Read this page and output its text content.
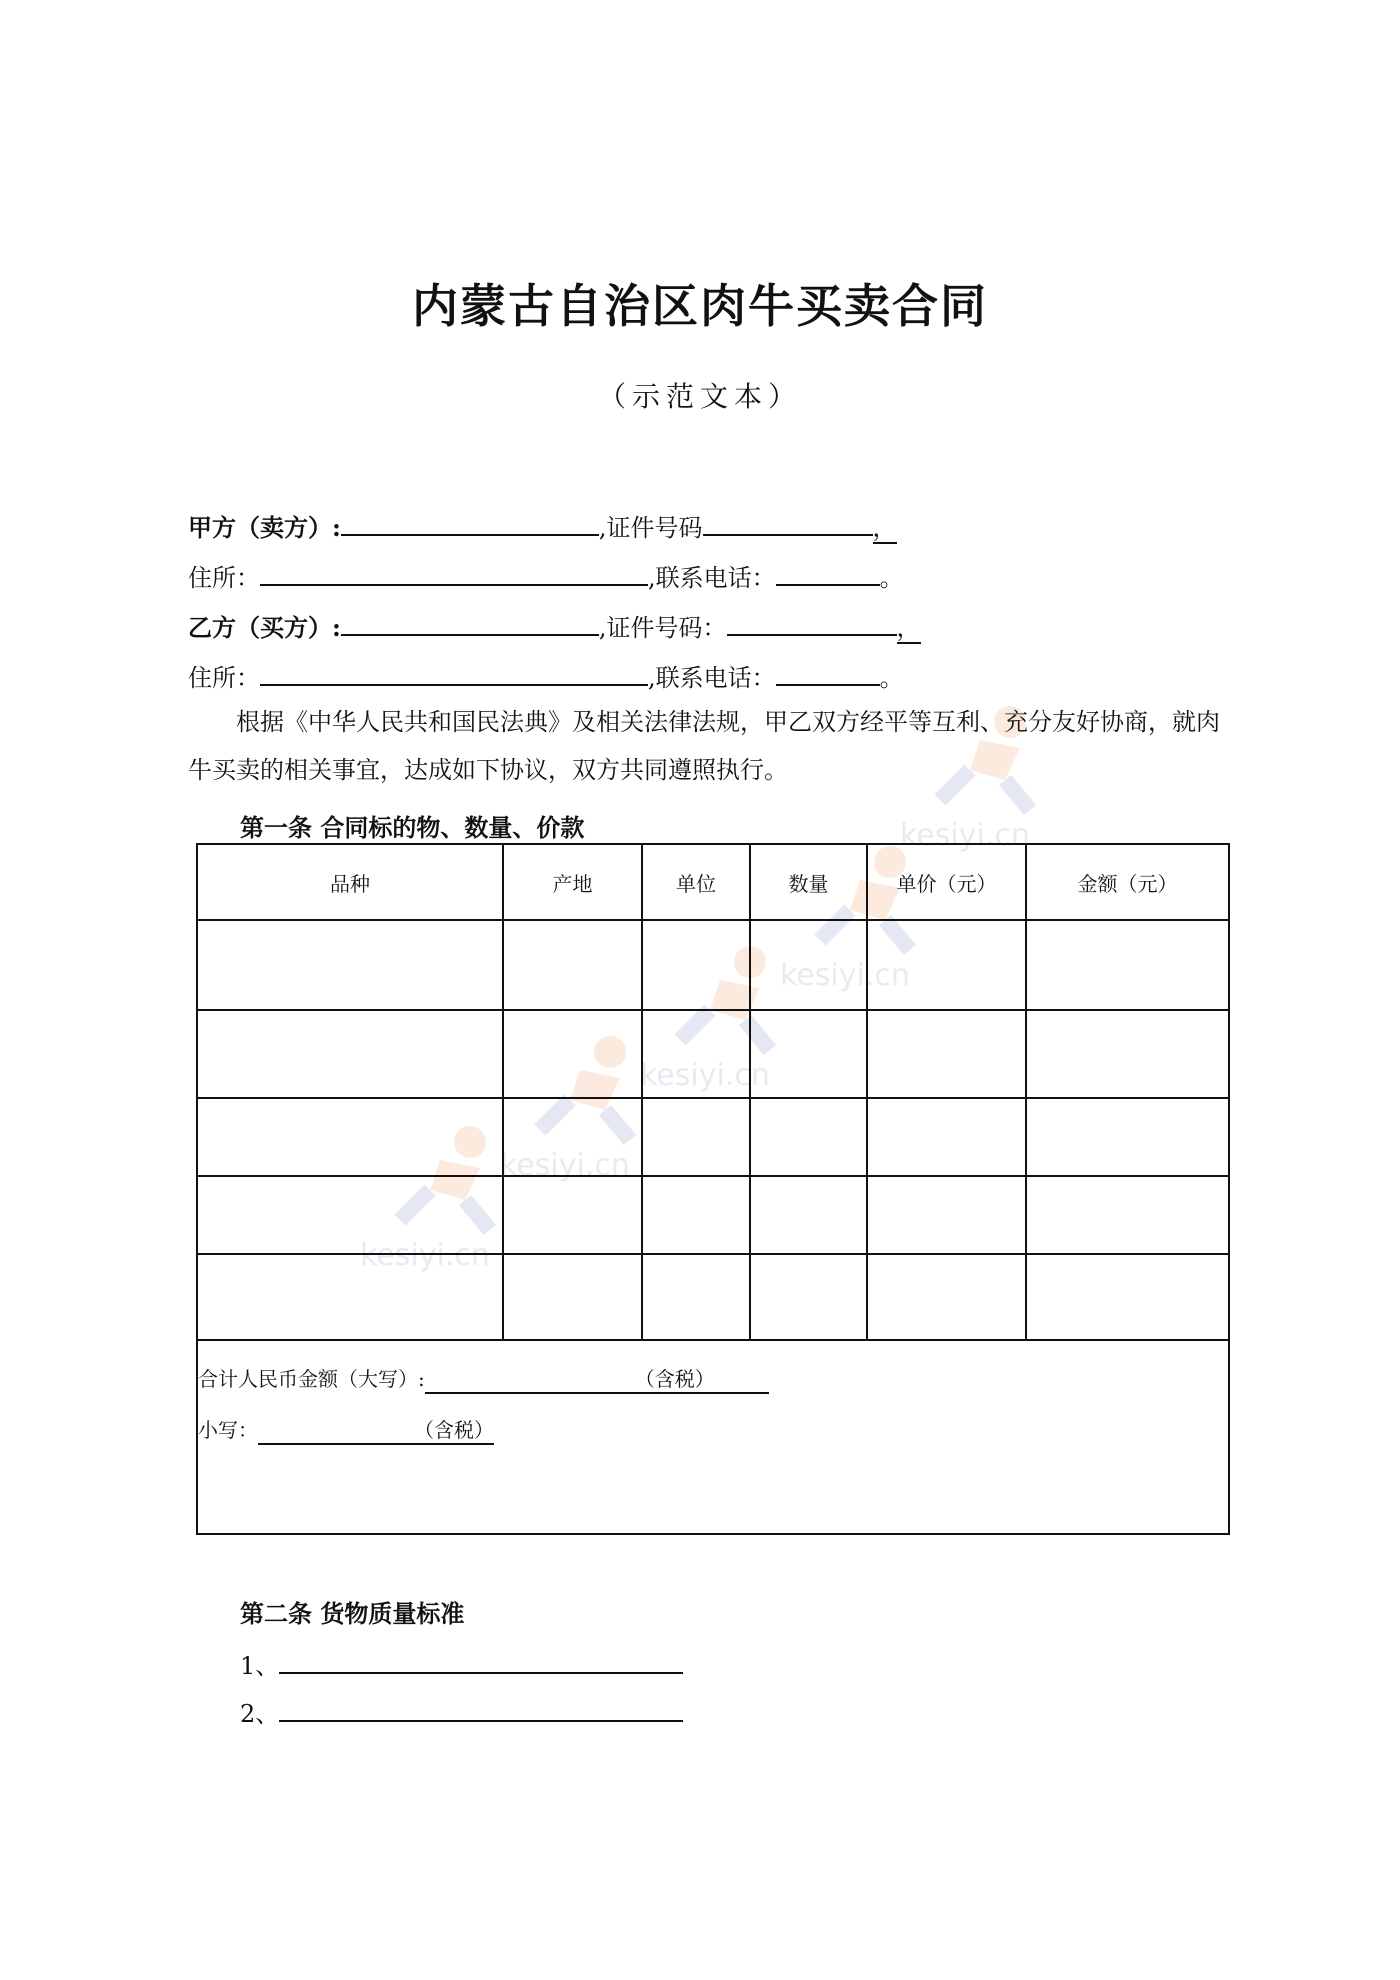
kesiyi.cn
kesiyi.cn
kesiyi.cn
kesiyi.cn
kesiyi.cn
内蒙古自治区肉牛买卖合同
（示范文本）
甲方（卖方）:	,证件号码	，
住所：	,联系电话：	。
乙方（买方）:	,证件号码：	，
住所：	,联系电话：	。
根据《中华人民共和国民法典》及相关法律法规，甲乙双方经平等互利、充分友好协商，就肉牛买卖的相关事宜，达成如下协议，双方共同遵照执行。
第一条 合同标的物、数量、价款
品种	产地	单位	数量	单价（元）	金额（元）

合计人民币金额（大写）: （含税）
小写： （含税）					
第二条 货物质量标准
1、
2、
